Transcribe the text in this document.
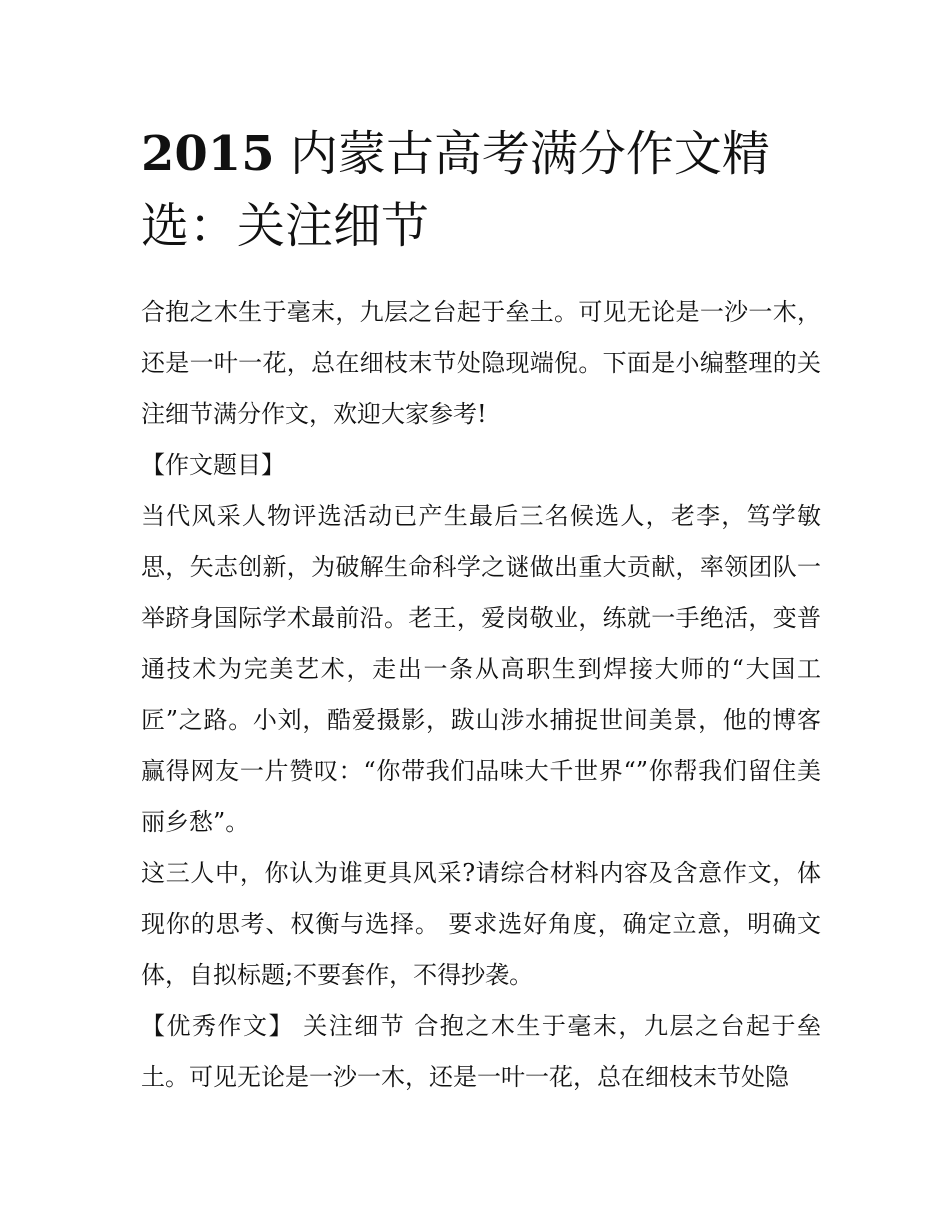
2015 内蒙古高考满分作文精选：关注细节

合抱之木生于毫末，九层之台起于垒土。可见无论是一沙一木，还是一叶一花，总在细枝末节处隐现端倪。下面是小编整理的关注细节满分作文，欢迎大家参考!

【作文题目】

当代风采人物评选活动已产生最后三名候选人，老李，笃学敏思，矢志创新，为破解生命科学之谜做出重大贡献，率领团队一举跻身国际学术最前沿。老王，爱岗敬业，练就一手绝活，变普通技术为完美艺术，走出一条从高职生到焊接大师的“大国工匠”之路。小刘，酷爱摄影，跋山涉水捕捉世间美景，他的博客赢得网友一片赞叹：“你带我们品味大千世界“”你帮我们留住美丽乡愁”。

这三人中，你认为谁更具风采?请综合材料内容及含意作文，体现你的思考、权衡与选择。 要求选好角度，确定立意，明确文体，自拟标题;不要套作，不得抄袭。

【优秀作文】 关注细节 合抱之木生于毫末，九层之台起于垒土。可见无论是一沙一木，还是一叶一花，总在细枝末节处隐
